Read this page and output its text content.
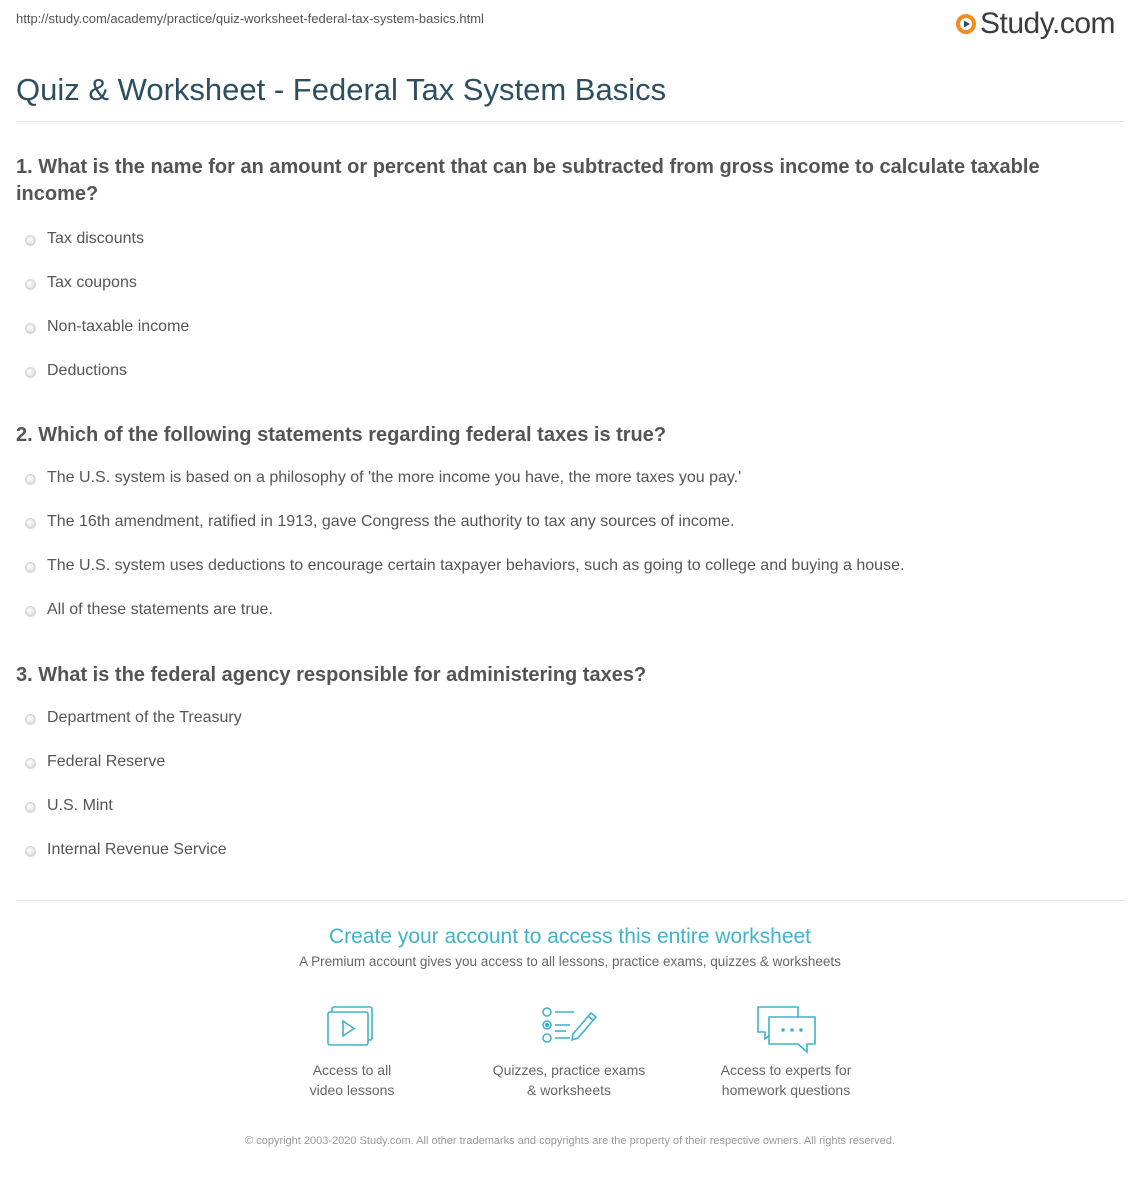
http://study.com/academy/practice/quiz-worksheet-federal-tax-system-basics.html	Study.com
Quiz & Worksheet - Federal Tax System Basics

1. What is the name for an amount or percent that can be subtracted from gross income to calculate taxable income?

Tax discounts
Tax coupons
Non-taxable income
Deductions

2. Which of the following statements regarding federal taxes is true?

The U.S. system is based on a philosophy of 'the more income you have, the more taxes you pay.'
The 16th amendment, ratified in 1913, gave Congress the authority to tax any sources of income.
The U.S. system uses deductions to encourage certain taxpayer behaviors, such as going to college and buying a house.
All of these statements are true.

3. What is the federal agency responsible for administering taxes?

Department of the Treasury
Federal Reserve
U.S. Mint
Internal Revenue Service
Create your account to access this entire worksheet
A Premium account gives you access to all lessons, practice exams, quizzes & worksheets
Access to all
video lessons
Quizzes, practice exams
& worksheets
Access to experts for
homework questions
© copyright 2003-2020 Study.com. All other trademarks and copyrights are the property of their respective owners. All rights reserved.
